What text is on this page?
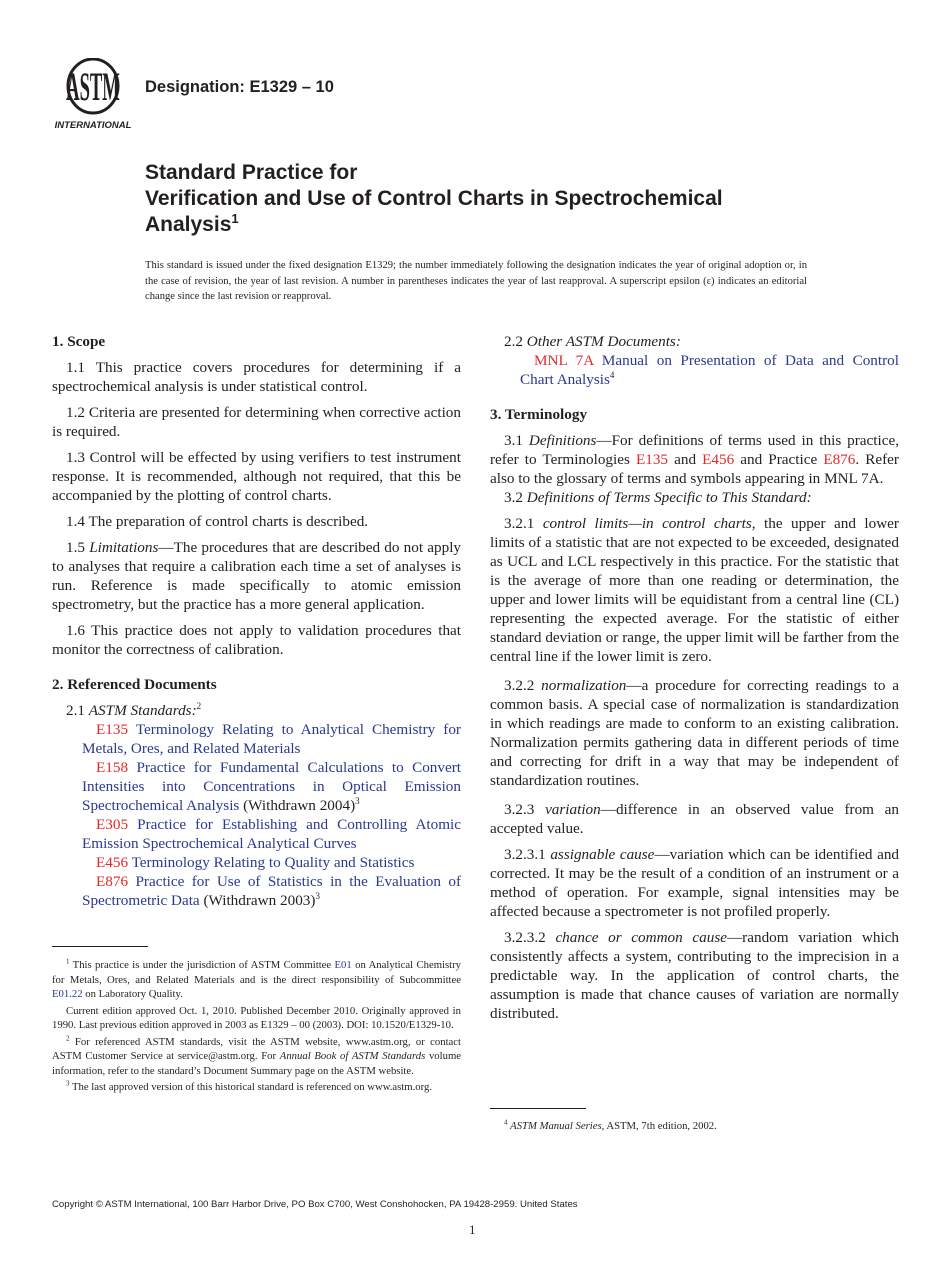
ASTM
INTERNATIONAL
Designation: E1329 – 10
Standard Practice for
Verification and Use of Control Charts in Spectrochemical
Analysis$^1$
This standard is issued under the fixed designation E1329; the number immediately following the designation indicates the year of original adoption or, in the case of revision, the year of last revision. A number in parentheses indicates the year of last reapproval. A superscript epsilon (ε) indicates an editorial change since the last revision or reapproval.
1. Scope

1.1 This practice covers procedures for determining if a spectrochemical analysis is under statistical control.

1.2 Criteria are presented for determining when corrective action is required.

1.3 Control will be effected by using verifiers to test instrument response. It is recommended, although not required, that this be accompanied by the plotting of control charts.

1.4 The preparation of control charts is described.

1.5 Limitations—The procedures that are described do not apply to analyses that require a calibration each time a set of analyses is run. Reference is made specifically to atomic emission spectrometry, but the practice has a more general application.

1.6 This practice does not apply to validation procedures that monitor the correctness of calibration.

2. Referenced Documents

2.1 ASTM Standards:$^2$

E135 Terminology Relating to Analytical Chemistry for Metals, Ores, and Related Materials

E158 Practice for Fundamental Calculations to Convert Intensities into Concentrations in Optical Emission Spectrochemical Analysis (Withdrawn 2004)$^3$

E305 Practice for Establishing and Controlling Atomic Emission Spectrochemical Analytical Curves

E456 Terminology Relating to Quality and Statistics

E876 Practice for Use of Statistics in the Evaluation of Spectrometric Data (Withdrawn 2003)$^3$

$^1$ This practice is under the jurisdiction of ASTM Committee E01 on Analytical Chemistry for Metals, Ores, and Related Materials and is the direct responsibility of Subcommittee E01.22 on Laboratory Quality.

Current edition approved Oct. 1, 2010. Published December 2010. Originally approved in 1990. Last previous edition approved in 2003 as E1329 – 00 (2003). DOI: 10.1520/E1329-10.

$^2$ For referenced ASTM standards, visit the ASTM website, www.astm.org, or contact ASTM Customer Service at service@astm.org. For Annual Book of ASTM Standards volume information, refer to the standard’s Document Summary page on the ASTM website.

$^3$ The last approved version of this historical standard is referenced on www.astm.org.

2.2 Other ASTM Documents:

MNL 7A Manual on Presentation of Data and Control Chart Analysis$^4$

3. Terminology

3.1 Definitions—For definitions of terms used in this practice, refer to Terminologies E135 and E456 and Practice E876. Refer also to the glossary of terms and symbols appearing in MNL 7A.

3.2 Definitions of Terms Specific to This Standard:

3.2.1 control limits—in control charts, the upper and lower limits of a statistic that are not expected to be exceeded, designated as UCL and LCL respectively in this practice. For the statistic that is the average of more than one reading or determination, the upper and lower limits will be equidistant from a central line (CL) representing the expected average. For the statistic of either standard deviation or range, the upper limit will be farther from the central line if the lower limit is zero.

3.2.2 normalization—a procedure for correcting readings to a common basis. A special case of normalization is standardization in which readings are made to conform to an existing calibration. Normalization permits gathering data in different periods of time and correcting for drift in a way that may be independent of standardization routines.

3.2.3 variation—difference in an observed value from an accepted value.

3.2.3.1 assignable cause—variation which can be identified and corrected. It may be the result of a condition of an instrument or a method of operation. For example, signal intensities may be affected because a spectrometer is not profiled properly.

3.2.3.2 chance or common cause—random variation which consistently affects a system, contributing to the imprecision in a predictable way. In the application of control charts, the assumption is made that chance causes of variation are normally distributed.

$^4$ ASTM Manual Series, ASTM, 7th edition, 2002.

Copyright © ASTM International, 100 Barr Harbor Drive, PO Box C700, West Conshohocken, PA 19428-2959. United States
1
